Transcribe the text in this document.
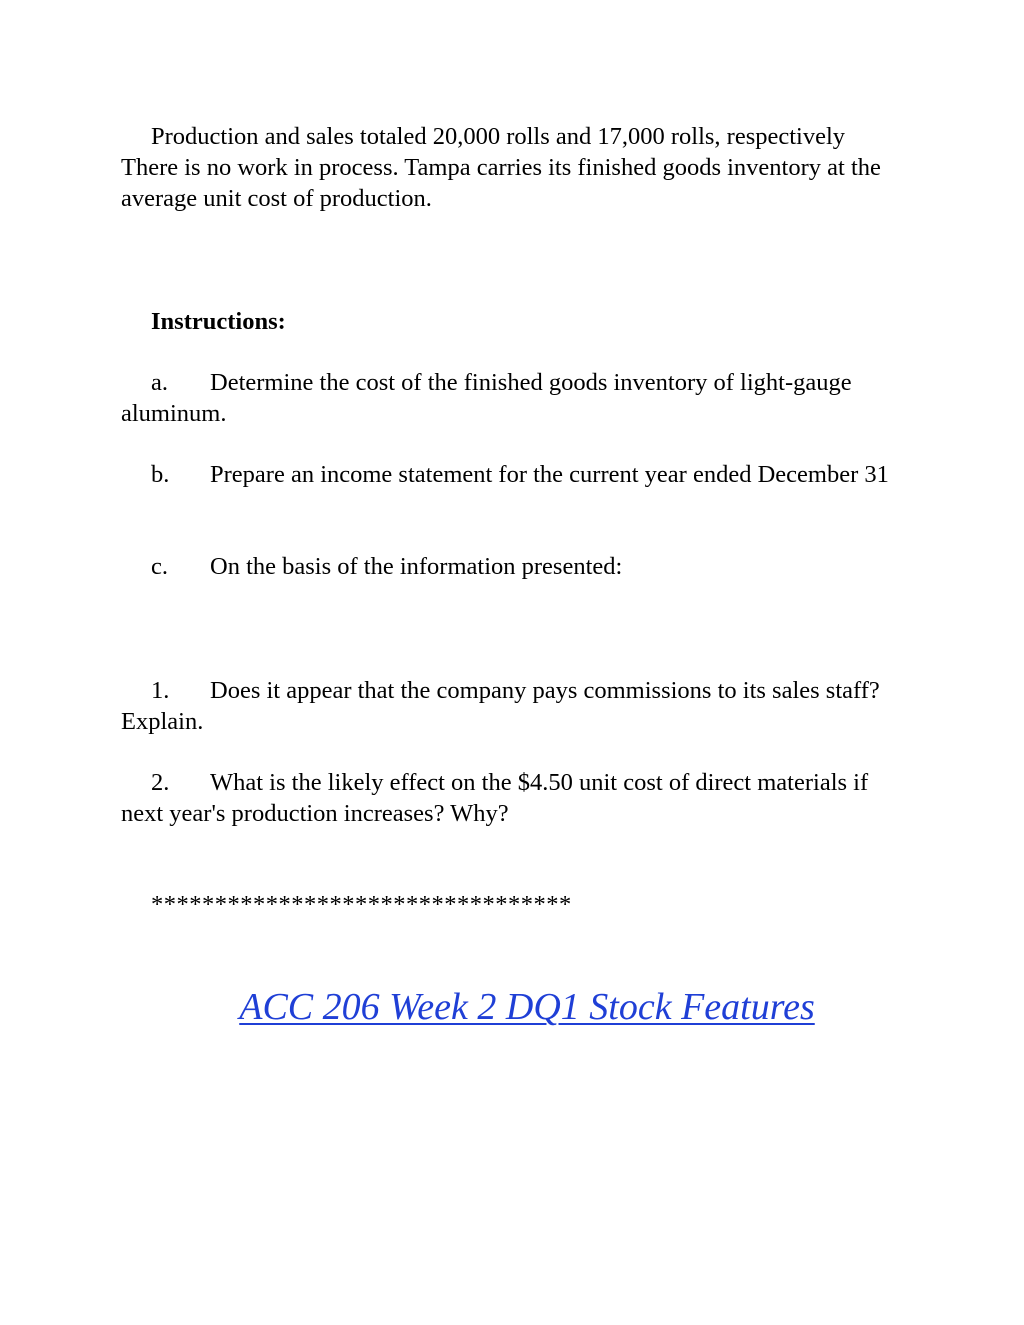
Production and sales totaled 20,000 rolls and 17,000 rolls, respectively There is no work in process. Tampa carries its finished goods inventory at the average unit cost of production.

Instructions:

a. Determine the cost of the finished goods inventory of light-gauge aluminum.

b. Prepare an income statement for the current year ended December 31

c. On the basis of the information presented:

1. Does it appear that the company pays commissions to its sales staff? Explain.

2. What is the likely effect on the $4.50 unit cost of direct materials if next year's production increases? Why?

*********************************

ACC 206 Week 2 DQ1 Stock Features
